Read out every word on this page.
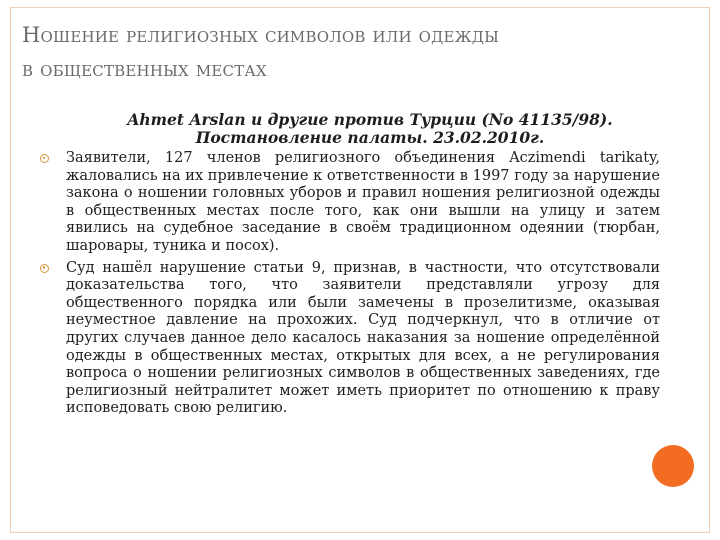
Ношение религиозных символов или одежды
в общественных местах
Ahmet Arslan и другие против Турции (No 41135/98).
Постановление палаты. 23.02.2010г.
Заявители, 127 членов религиозного объединения Aczimendi tarikaty, жаловались на их привлечение к ответственности в 1997 году за нарушение закона о ношении головных уборов и правил ношения религиозной одежды в общественных местах после того, как они вышли на улицу и затем явились на судебное заседание в своём традиционном одеянии (тюрбан, шаровары, туника и посох).
Суд нашёл нарушение статьи 9, признав, в частности, что отсутствовали доказательства того, что заявители представляли угрозу для общественного порядка или были замечены в прозелитизме, оказывая неуместное давление на прохожих. Суд подчеркнул, что в отличие от других случаев данное дело касалось наказания за ношение определённой одежды в общественных местах, открытых для всех, а не регулирования вопроса о ношении религиозных символов в общественных заведениях, где религиозный нейтралитет может иметь приоритет по отношению к праву исповедовать свою религию.
